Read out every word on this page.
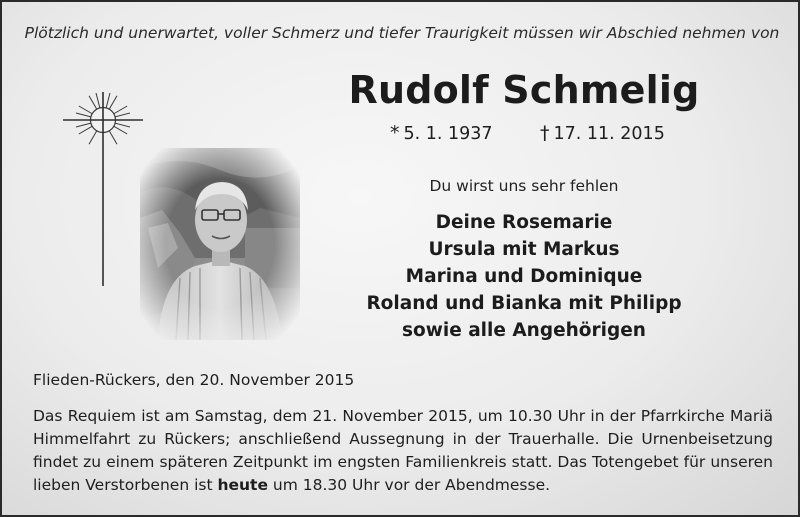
Plötzlich und unerwartet, voller Schmerz und tiefer Traurigkeit müssen wir Abschied nehmen von
Rudolf Schmelig
* 5. 1. 1937 † 17. 11. 2015
Du wirst uns sehr fehlen
Deine Rosemarie
Ursula mit Markus
Marina und Dominique
Roland und Bianka mit Philipp
sowie alle Angehörigen
Flieden-Rückers, den 20. November 2015
Das Requiem ist am Samstag, dem 21. November 2015, um 10.30 Uhr in der Pfarrkirche Mariä Himmelfahrt zu Rückers; anschließend Aussegnung in der Trauerhalle. Die Urnenbeisetzung findet zu einem späteren Zeitpunkt im engsten Familienkreis statt. Das Totengebet für unseren lieben Verstorbenen ist heute um 18.30 Uhr vor der Abendmesse.
